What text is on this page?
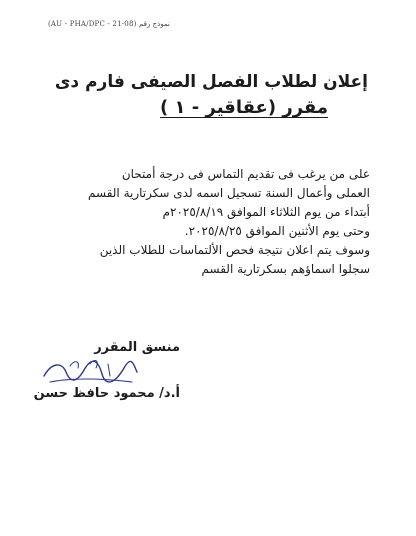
(AU - PHA/DPC - 21-08) نموذج رقم
إعلان لطلاب الفصل الصيفى فارم دى
مقرر (عقاقير - ١ )

على من يرغب فى تقديم التماس فى درجة أمتحان

العملى وأعمال السنة تسجيل اسمه لدى سكرتارية القسم

أبتداء من يوم الثلاثاء الموافق ٢٠٢٥/٨/١٩م

وحتى يوم الأثنين الموافق ٢٠٢٥/٨/٢٥.

وسوف يتم اعلان نتيجة فحص الألتماسات للطلاب الذين

سجلوا اسماؤهم بسكرتارية القسم

منسق المقرر
أ.د/ محمود حافظ حسن
